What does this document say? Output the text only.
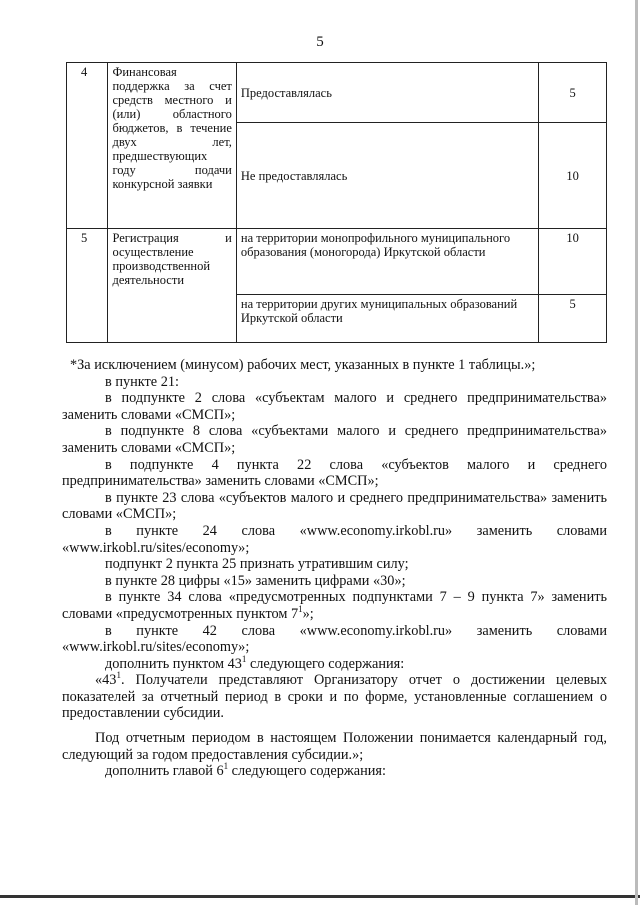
5
4	Финансовая поддержка за счет средств местного и (или) областного бюджетов, в течение двух лет, предшествующих году подачи конкурсной заявки	Предоставлялась	5
		Не предоставлялась	10
5	Регистрация и осуществление производственной деятельности	на территории монопрофильного муниципального образования (моногорода) Иркутской области	10
		на территории других муниципальных образований Иркутской области	5

*За исключением (минусом) рабочих мест, указанных в пункте 1 таблицы.»;

в пункте 21:

в подпункте 2 слова «субъектам малого и среднего предпринимательства» заменить словами «СМСП»;

в подпункте 8 слова «субъектами малого и среднего предпринимательства» заменить словами «СМСП»;

в подпункте 4 пункта 22 слова «субъектов малого и среднего предпринимательства» заменить словами «СМСП»;

в пункте 23 слова «субъектов малого и среднего предпринимательства» заменить словами «СМСП»;

в пункте 24 слова «www.economy.irkobl.ru» заменить словами «www.irkobl.ru/sites/economy»;

подпункт 2 пункта 25 признать утратившим силу;

в пункте 28 цифры «15» заменить цифрами «30»;

в пункте 34 слова «предусмотренных подпунктами 7 – 9 пункта 7» заменить словами «предусмотренных пунктом $7^1$»;

в пункте 42 слова «www.economy.irkobl.ru» заменить словами «www.irkobl.ru/sites/economy»;

дополнить пунктом $43^1$ следующего содержания:

«$43^1$. Получатели представляют Организатору отчет о достижении целевых показателей за отчетный период в сроки и по форме, установленные соглашением о предоставлении субсидии.

Под отчетным периодом в настоящем Положении понимается календарный год, следующий за годом предоставления субсидии.»;

дополнить главой $6^1$ следующего содержания:
